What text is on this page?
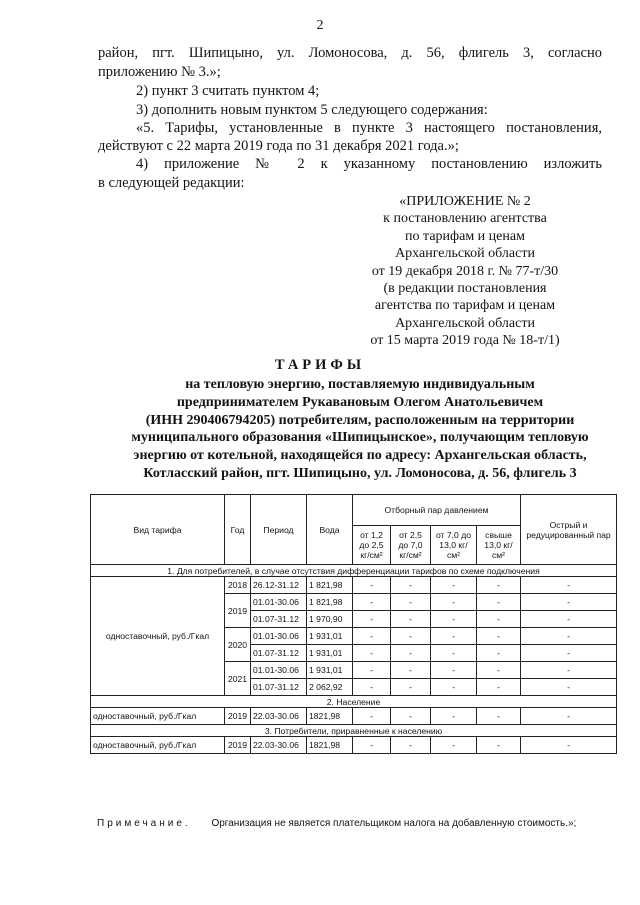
2
район, пгт. Шипицыно, ул. Ломоносова, д. 56, флигель 3, согласно
приложению № 3.»;
2) пункт 3 считать пунктом 4;
3) дополнить новым пунктом 5 следующего содержания:
«5. Тарифы, установленные в пункте 3 настоящего постановления,
действуют с 22 марта 2019 года по 31 декабря 2021 года.»;
4) приложение № 2 к указанному постановлению изложить
в следующей редакции:
«ПРИЛОЖЕНИЕ № 2
к постановлению агентства
по тарифам и ценам
Архангельской области
от 19 декабря 2018 г. № 77-т/30
(в редакции постановления
агентства по тарифам и ценам
Архангельской области
от 15 марта 2019 года № 18-т/1)
ТАРИФЫ
на тепловую энергию, поставляемую индивидуальным
предпринимателем Рукавановым Олегом Анатольевичем
(ИНН 290406794205) потребителям, расположенным на территории
муниципального образования «Шипицынское», получающим тепловую
энергию от котельной, находящейся по адресу: Архангельская область,
Котласский район, пгт. Шипицыно, ул. Ломоносова, д. 56, флигель 3
Вид тарифа	Год	Период	Вода	Отборный пар давлением				Острый и редуцированный пар
				от 1,2 до 2,5 кг/см²	от 2,5 до 7,0 кг/см²	от 7,0 до 13,0 кг/см²	свыше 13,0 кг/см²	
1. Для потребителей, в случае отсутствия дифференциации тарифов по схеме подключения								
одноставочный, руб./Гкал	2018	26.12-31.12	1 821,98	-	-	-	-	-
	2019	01.01-30.06	1 821,98	-	-	-	-	-
		01.07-31.12	1 970,90	-	-	-	-	-
	2020	01.01-30.06	1 931,01	-	-	-	-	-
		01.07-31.12	1 931,01	-	-	-	-	-
	2021	01.01-30.06	1 931,01	-	-	-	-	-
		01.07-31.12	2 062,92	-	-	-	-	-
2. Население								
одноставочный, руб./Гкал	2019	22.03-30.06	1821,98	-	-	-	-	-
3. Потребители, приравненные к населению								
одноставочный, руб./Гкал	2019	22.03-30.06	1821,98	-	-	-	-	-
Примечание. Организация не является плательщиком налога на добавленную стоимость.»;
